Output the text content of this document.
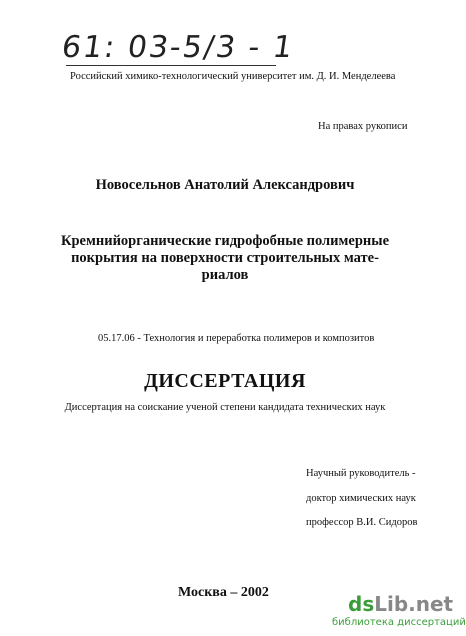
61: 03-5/3 - 1
Российский химико-технологический университет им. Д. И. Менделеева
На правах рукописи
Новосельнов Анатолий Александрович
Кремнийорганические гидрофобные полимерные
покрытия на поверхности строительных мате-
риалов
05.17.06 - Технология и переработка полимеров и композитов
ДИССЕРТАЦИЯ
Диссертация на соискание ученой степени кандидата технических наук
Научный руководитель -
доктор химических наук
профессор В.И. Сидоров
Москва – 2002	dsLib.net
библиотека диссертаций
